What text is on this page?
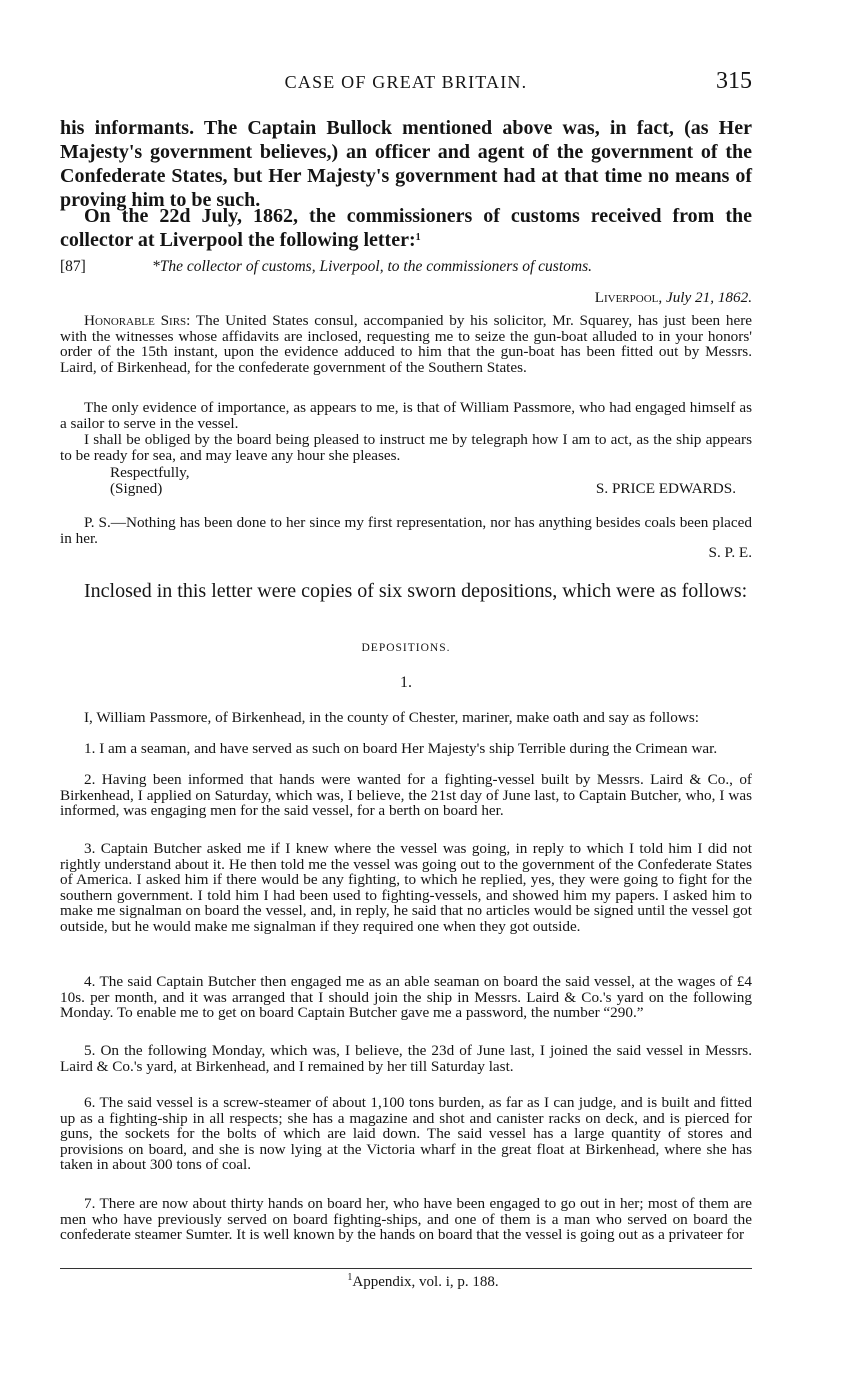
CASE OF GREAT BRITAIN.	315

his informants. The Captain Bullock mentioned above was, in fact, (as Her Majesty's government believes,) an officer and agent of the government of the Confederate States, but Her Majesty's government had at that time no means of proving him to be such.

On the 22d July, 1862, the commissioners of customs received from the collector at Liverpool the following letter:$^1$

[87]	*The collector of customs, Liverpool, to the commissioners of customs.
Liverpool, July 21, 1862.

Honorable Sirs: The United States consul, accompanied by his solicitor, Mr. Squarey, has just been here with the witnesses whose affidavits are inclosed, requesting me to seize the gun-boat alluded to in your honors' order of the 15th instant, upon the evidence adduced to him that the gun-boat has been fitted out by Messrs. Laird, of Birkenhead, for the confederate government of the Southern States.

The only evidence of importance, as appears to me, is that of William Passmore, who had engaged himself as a sailor to serve in the vessel.

I shall be obliged by the board being pleased to instruct me by telegraph how I am to act, as the ship appears to be ready for sea, and may leave any hour she pleases.

Respectfully,
(Signed)	S. PRICE EDWARDS.

P. S.—Nothing has been done to her since my first representation, nor has anything besides coals been placed in her.

S. P. E.

Inclosed in this letter were copies of six sworn depositions, which were as follows:

DEPOSITIONS.
1.

I, William Passmore, of Birkenhead, in the county of Chester, mariner, make oath and say as follows:

1. I am a seaman, and have served as such on board Her Majesty's ship Terrible during the Crimean war.

2. Having been informed that hands were wanted for a fighting-vessel built by Messrs. Laird & Co., of Birkenhead, I applied on Saturday, which was, I believe, the 21st day of June last, to Captain Butcher, who, I was informed, was engaging men for the said vessel, for a berth on board her.

3. Captain Butcher asked me if I knew where the vessel was going, in reply to which I told him I did not rightly understand about it. He then told me the vessel was going out to the government of the Confederate States of America. I asked him if there would be any fighting, to which he replied, yes, they were going to fight for the southern government. I told him I had been used to fighting-vessels, and showed him my papers. I asked him to make me signalman on board the vessel, and, in reply, he said that no articles would be signed until the vessel got outside, but he would make me signalman if they required one when they got outside.

4. The said Captain Butcher then engaged me as an able seaman on board the said vessel, at the wages of £4 10s. per month, and it was arranged that I should join the ship in Messrs. Laird & Co.'s yard on the following Monday. To enable me to get on board Captain Butcher gave me a password, the number “290.”

5. On the following Monday, which was, I believe, the 23d of June last, I joined the said vessel in Messrs. Laird & Co.'s yard, at Birkenhead, and I remained by her till Saturday last.

6. The said vessel is a screw-steamer of about 1,100 tons burden, as far as I can judge, and is built and fitted up as a fighting-ship in all respects; she has a magazine and shot and canister racks on deck, and is pierced for guns, the sockets for the bolts of which are laid down. The said vessel has a large quantity of stores and provisions on board, and she is now lying at the Victoria wharf in the great float at Birkenhead, where she has taken in about 300 tons of coal.

7. There are now about thirty hands on board her, who have been engaged to go out in her; most of them are men who have previously served on board fighting-ships, and one of them is a man who served on board the confederate steamer Sumter. It is well known by the hands on board that the vessel is going out as a privateer for

$^1$Appendix, vol. i, p. 188.
